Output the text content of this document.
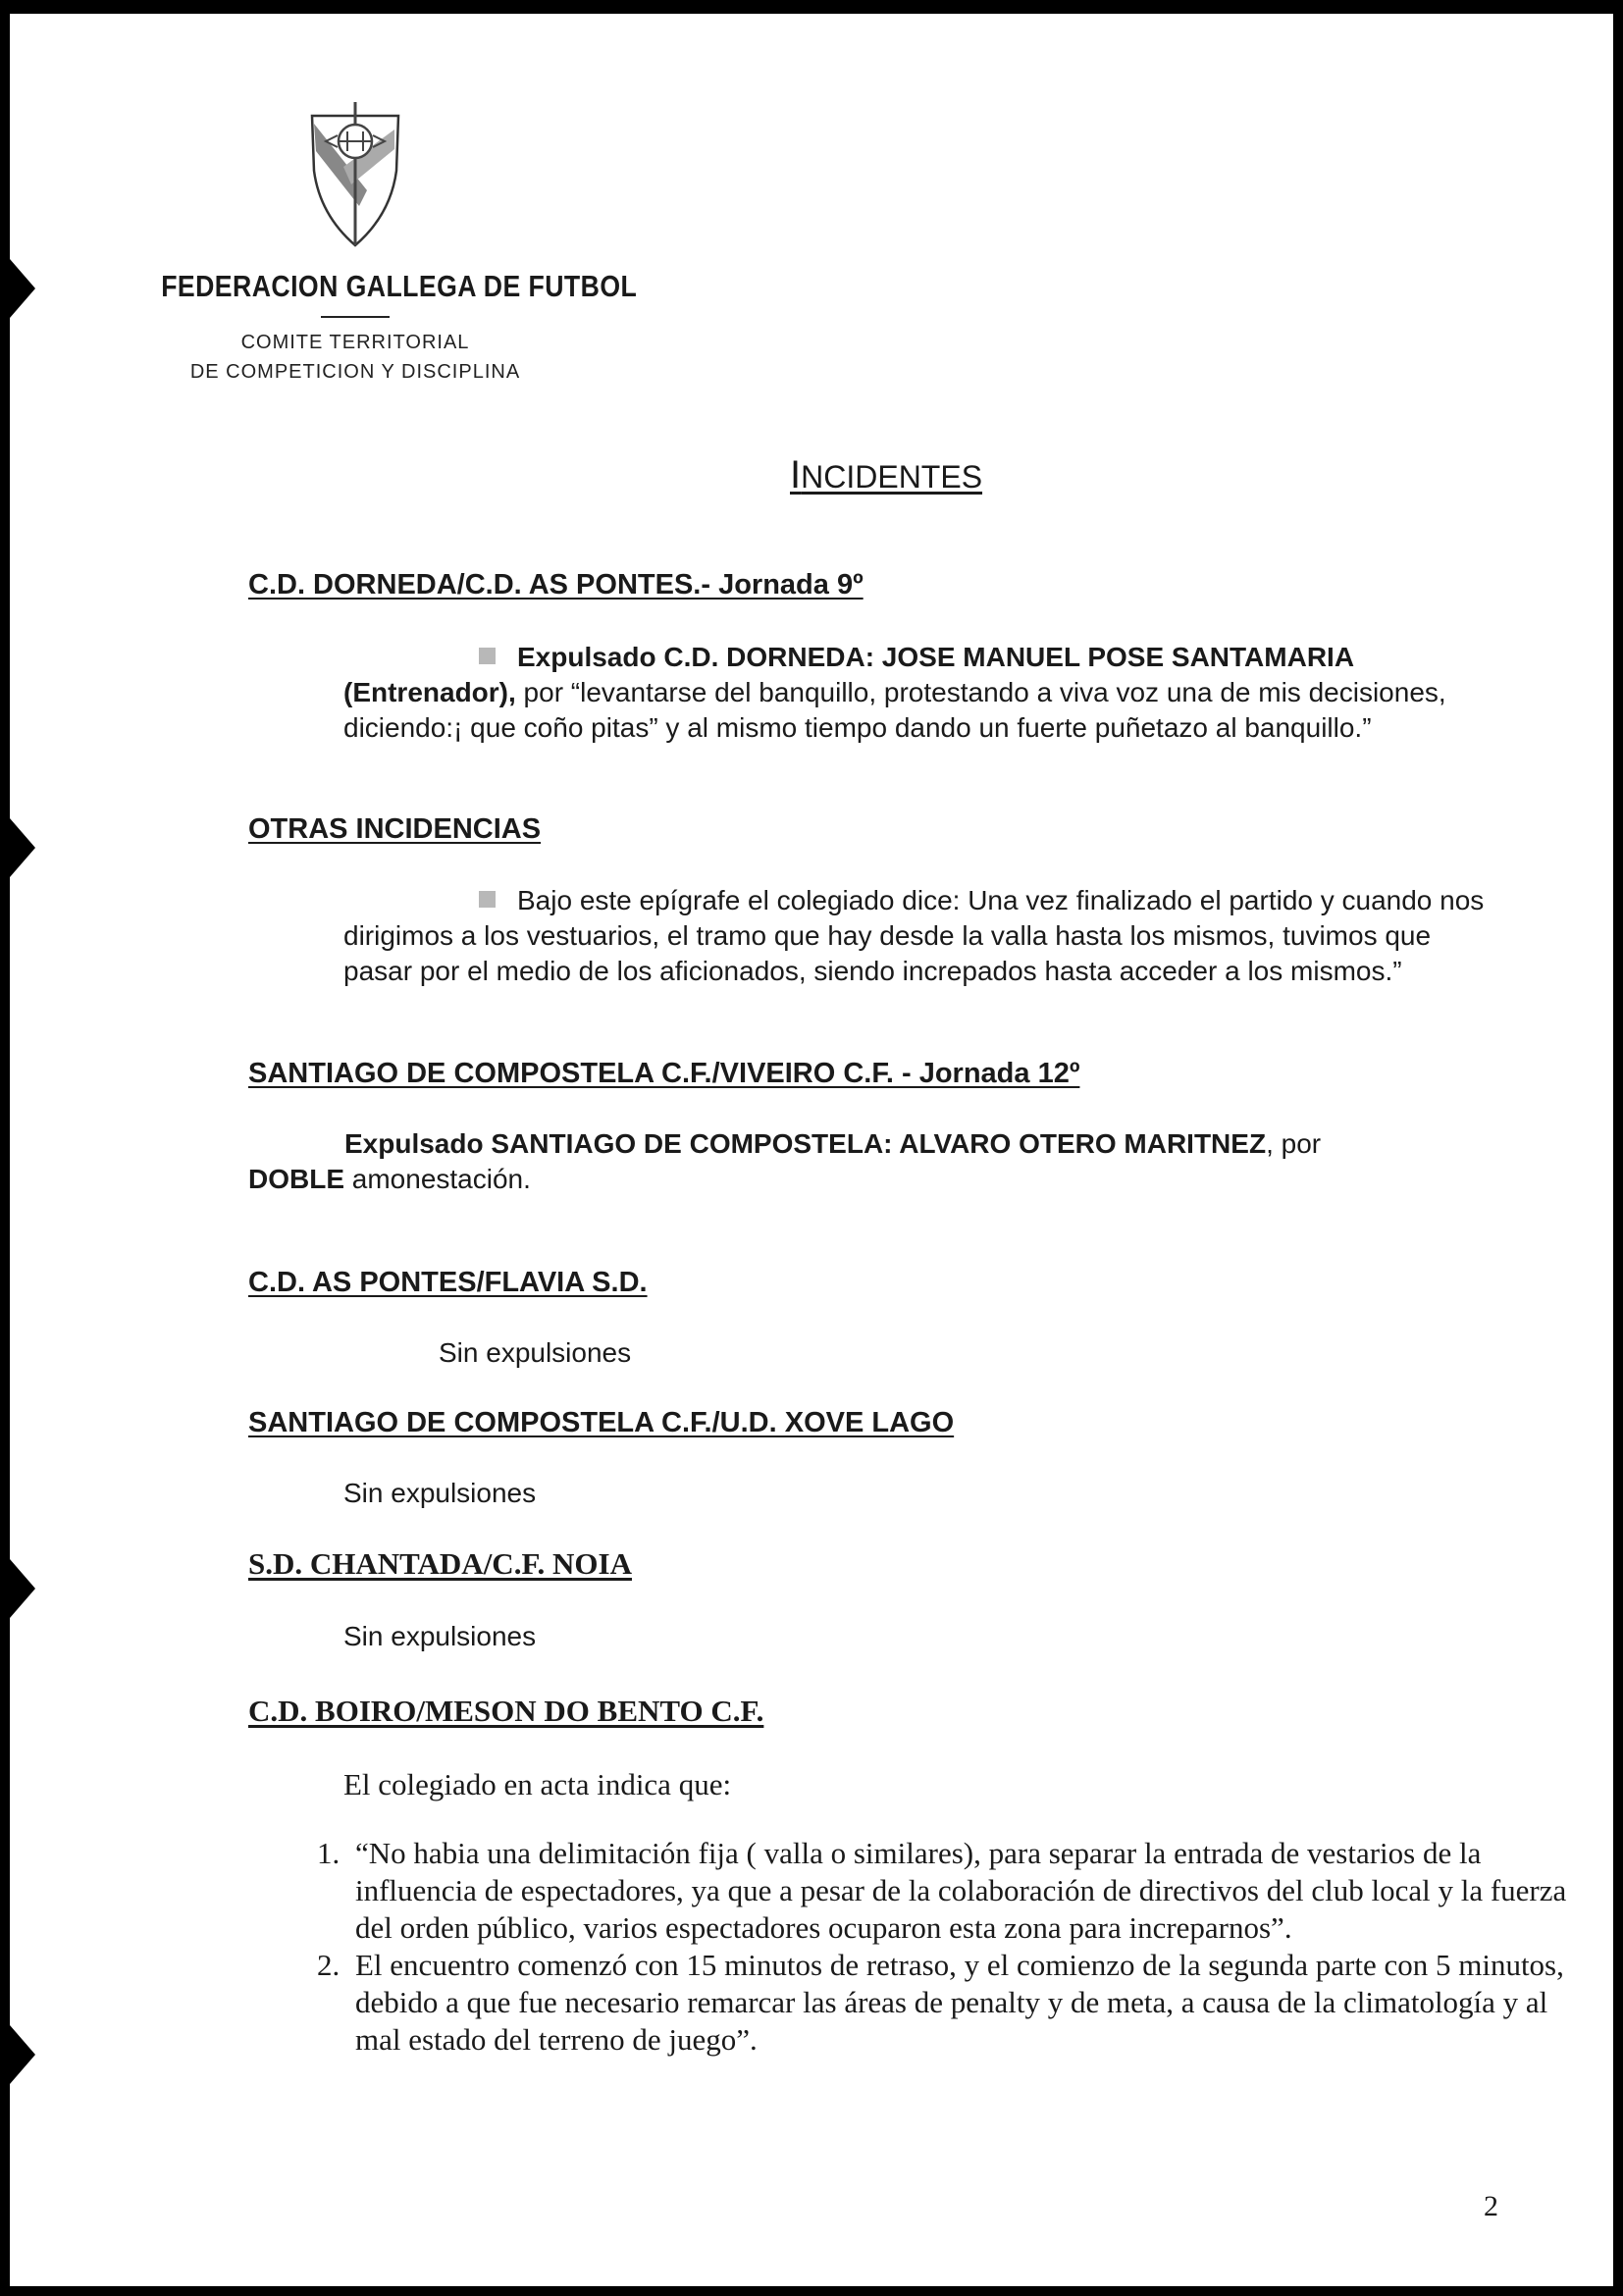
FEDERACION GALLEGA DE FUTBOL
COMITE TERRITORIAL
DE COMPETICION Y DISCIPLINA
INCIDENTES
C.D. DORNEDA/C.D. AS PONTES.- Jornada 9º
Expulsado C.D. DORNEDA: JOSE MANUEL POSE SANTAMARIA (Entrenador), por “levantarse del banquillo, protestando a viva voz una de mis decisiones, diciendo:¡ que coño pitas” y al mismo tiempo dando un fuerte puñetazo al banquillo.”
OTRAS INCIDENCIAS
Bajo este epígrafe el colegiado dice: Una vez finalizado el partido y cuando nos dirigimos a los vestuarios, el tramo que hay desde la valla hasta los mismos, tuvimos que pasar por el medio de los aficionados, siendo increpados hasta acceder a los mismos.”
SANTIAGO DE COMPOSTELA C.F./VIVEIRO C.F. - Jornada 12º
Expulsado SANTIAGO DE COMPOSTELA: ALVARO OTERO MARITNEZ, por
DOBLE amonestación.
C.D. AS PONTES/FLAVIA S.D.
Sin expulsiones
SANTIAGO DE COMPOSTELA C.F./U.D. XOVE LAGO
Sin expulsiones
S.D. CHANTADA/C.F. NOIA
Sin expulsiones
C.D. BOIRO/MESON DO BENTO C.F.
El colegiado en acta indica que:
1. “No habia una delimitación fija ( valla o similares), para separar la entrada de vestarios de la influencia de espectadores, ya que a pesar de la colaboración de directivos del club local y la fuerza del orden público, varios espectadores ocuparon esta zona para increparnos”.
2. El encuentro comenzó con 15 minutos de retraso, y el comienzo de la segunda parte con 5 minutos, debido a que fue necesario remarcar las áreas de penalty y de meta, a causa de la climatología y al mal estado del terreno de juego”.
2
